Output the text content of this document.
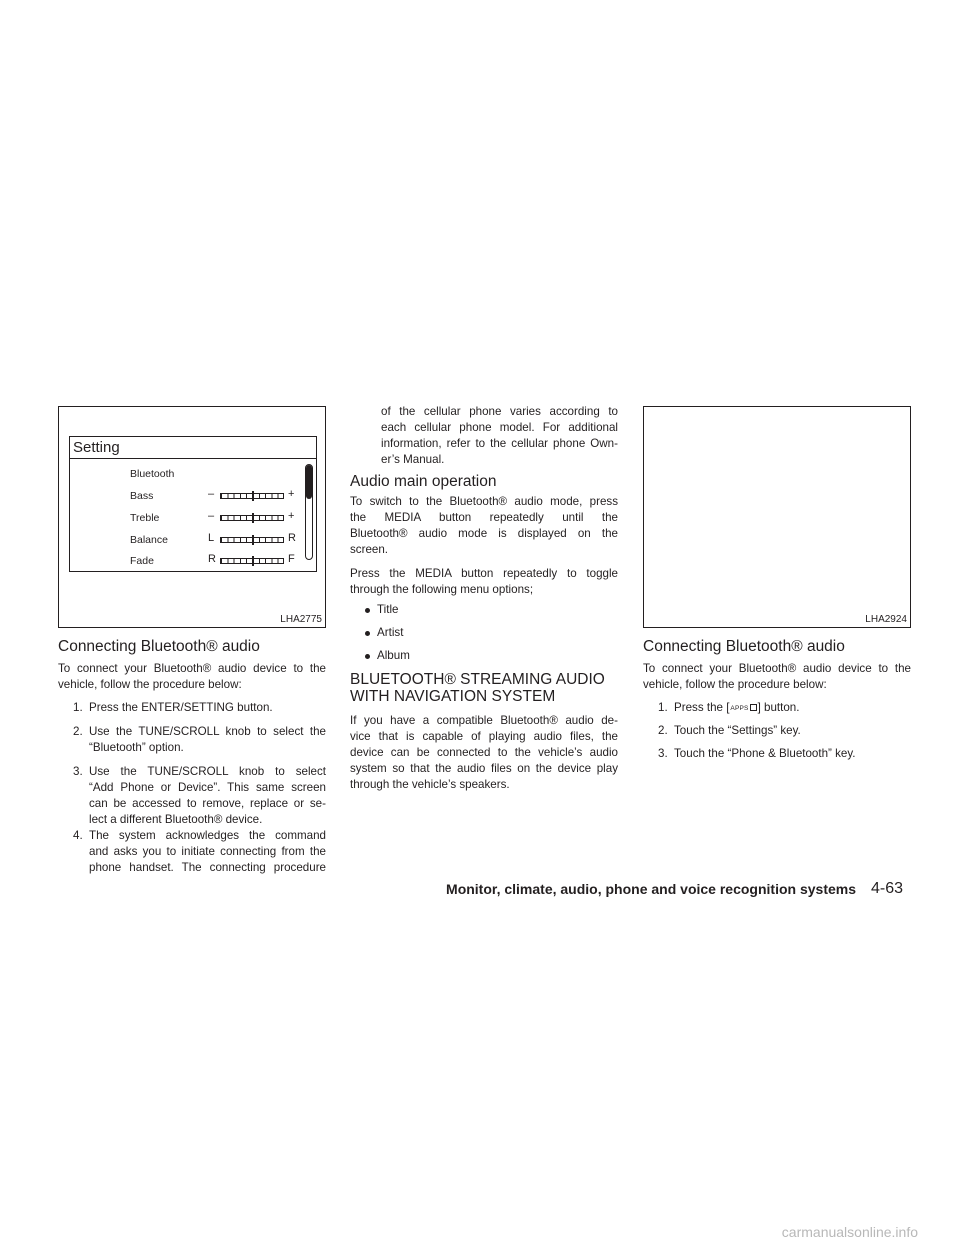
Setting
Bluetooth
Bass	–	+
Treble	–	+
Balance	L	R
Fade	R	F
LHA2775
Connecting Bluetooth® audio
To connect your Bluetooth® audio device to the
vehicle, follow the procedure below:
1. Press the ENTER/SETTING button.
2. Use the TUNE/SCROLL knob to select the
“Bluetooth” option.
3. Use the TUNE/SCROLL knob to select
“Add Phone or Device”. This same screen
can be accessed to remove, replace or se-
lect a different Bluetooth® device.
4. The system acknowledges the command
and asks you to initiate connecting from the
phone handset. The connecting procedure
of the cellular phone varies according to
each cellular phone model. For additional
information, refer to the cellular phone Own-
er’s Manual.
Audio main operation
To switch to the Bluetooth® audio mode, press
the MEDIA button repeatedly until the
Bluetooth® audio mode is displayed on the
screen.
Press the MEDIA button repeatedly to toggle
through the following menu options;
Title
Artist
Album
BLUETOOTH® STREAMING AUDIO
WITH NAVIGATION SYSTEM
If you have a compatible Bluetooth® audio de-
vice that is capable of playing audio files, the
device can be connected to the vehicle’s audio
system so that the audio files on the device play
through the vehicle’s speakers.
LHA2924
Connecting Bluetooth® audio
To connect your Bluetooth® audio device to the
vehicle, follow the procedure below:
1. Press the [APPS ] button.
2. Touch the “Settings” key.
3. Touch the “Phone & Bluetooth” key.
Monitor, climate, audio, phone and voice recognition systems 4-63
carmanualsonline.info
